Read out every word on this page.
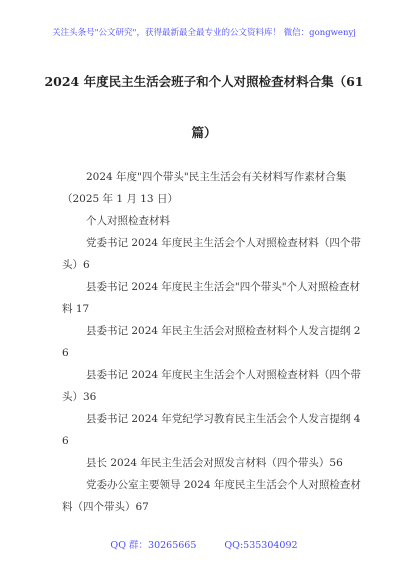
关注头条号"公文研究"，获得最新最全最专业的公文资料库！ 微信：gongwenyj
2024 年度民主生活会班子和个人对照检查材料合集（61
篇）
2024 年度"四个带头"民主生活会有关材料写作素材合集（2025 年 1 月 13 日）
个人对照检查材料
党委书记 2024 年度民主生活会个人对照检查材料（四个带头）6
县委书记 2024 年度民主生活会"四个带头"个人对照检查材料 17
县委书记 2024 年民主生活会对照检查材料个人发言提纲 26
县委书记 2024 年度民主生活会个人对照检查材料（四个带头）36
县委书记 2024 年党纪学习教育民主生活会个人发言提纲 46
县长 2024 年民主生活会对照发言材料（四个带头）56
党委办公室主要领导 2024 年度民主生活会个人对照检查材料（四个带头）67
QQ 群：30265665	QQ:535304092
